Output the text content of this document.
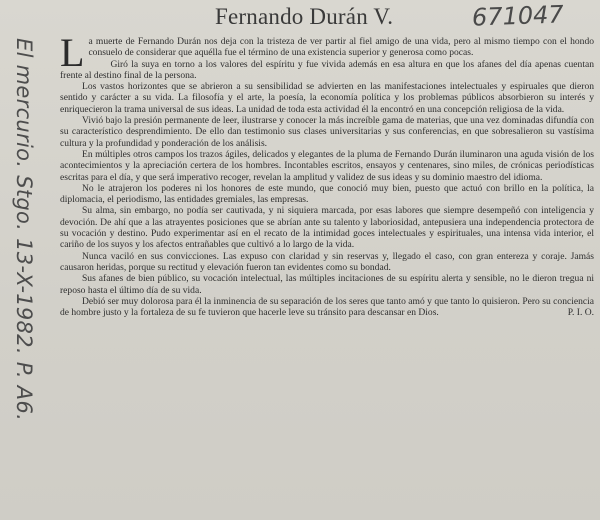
Fernando Durán V.	671047
El mercurio. Stgo. 13-X-1982. P. A6. La muerte de Fernando Durán nos deja con la tristeza de ver partir al fiel amigo de una vida, pero al mismo tiempo con el hondo consuelo de considerar que aquélla fue el término de una existencia superior y generosa como pocas.

Giró la suya en torno a los valores del espíritu y fue vivida además en esa altura en que los afanes del día apenas cuentan frente al destino final de la persona.

Los vastos horizontes que se abrieron a su sensibilidad se advierten en las manifestaciones intelectuales y espiruales que dieron sentido y carácter a su vida. La filosofía y el arte, la poesía, la economía política y los problemas públicos absorbieron su interés y enriquecieron la trama universal de sus ideas. La unidad de toda esta actividad él la encontró en una concepción religiosa de la vida.

Vivió bajo la presión permanente de leer, ilustrarse y conocer la más increíble gama de materias, que una vez dominadas difundía con su característico desprendimiento. De ello dan testimonio sus clases universitarias y sus conferencias, en que sobresalieron su vastísima cultura y la profundidad y ponderación de los análisis.

En múltiples otros campos los trazos ágiles, delicados y elegantes de la pluma de Fernando Durán iluminaron una aguda visión de los acontecimientos y la apreciación certera de los hombres. Incontables escritos, ensayos y centenares, sino miles, de crónicas periodísticas escritas para el día, y que será imperativo recoger, revelan la amplitud y validez de sus ideas y su dominio maestro del idioma.

No le atrajeron los poderes ni los honores de este mundo, que conoció muy bien, puesto que actuó con brillo en la política, la diplomacia, el periodismo, las entidades gremiales, las empresas.

Su alma, sin embargo, no podía ser cautivada, y ni siquiera marcada, por esas labores que siempre desempeñó con inteligencia y devoción. De ahí que a las atrayentes posiciones que se abrían ante su talento y laboriosidad, antepusiera una independencia protectora de su vocación y destino. Pudo experimentar así en el recato de la intimidad goces intelectuales y espirituales, una intensa vida interior, el cariño de los suyos y los afectos entrañables que cultivó a lo largo de la vida.

Nunca vaciló en sus convicciones. Las expuso con claridad y sin reservas y, llegado el caso, con gran entereza y coraje. Jamás causaron heridas, porque su rectitud y elevación fueron tan evidentes como su bondad.

Sus afanes de bien público, su vocación intelectual, las múltiples incitaciones de su espíritu alerta y sensible, no le dieron tregua ni reposo hasta el último día de su vida.

Debió ser muy dolorosa para él la inminencia de su separación de los seres que tanto amó y que tanto lo quisieron. Pero su conciencia de hombre justo y la fortaleza de su fe tuvieron que hacerle leve su tránsito para descansar en Dios.	P. I. O.
